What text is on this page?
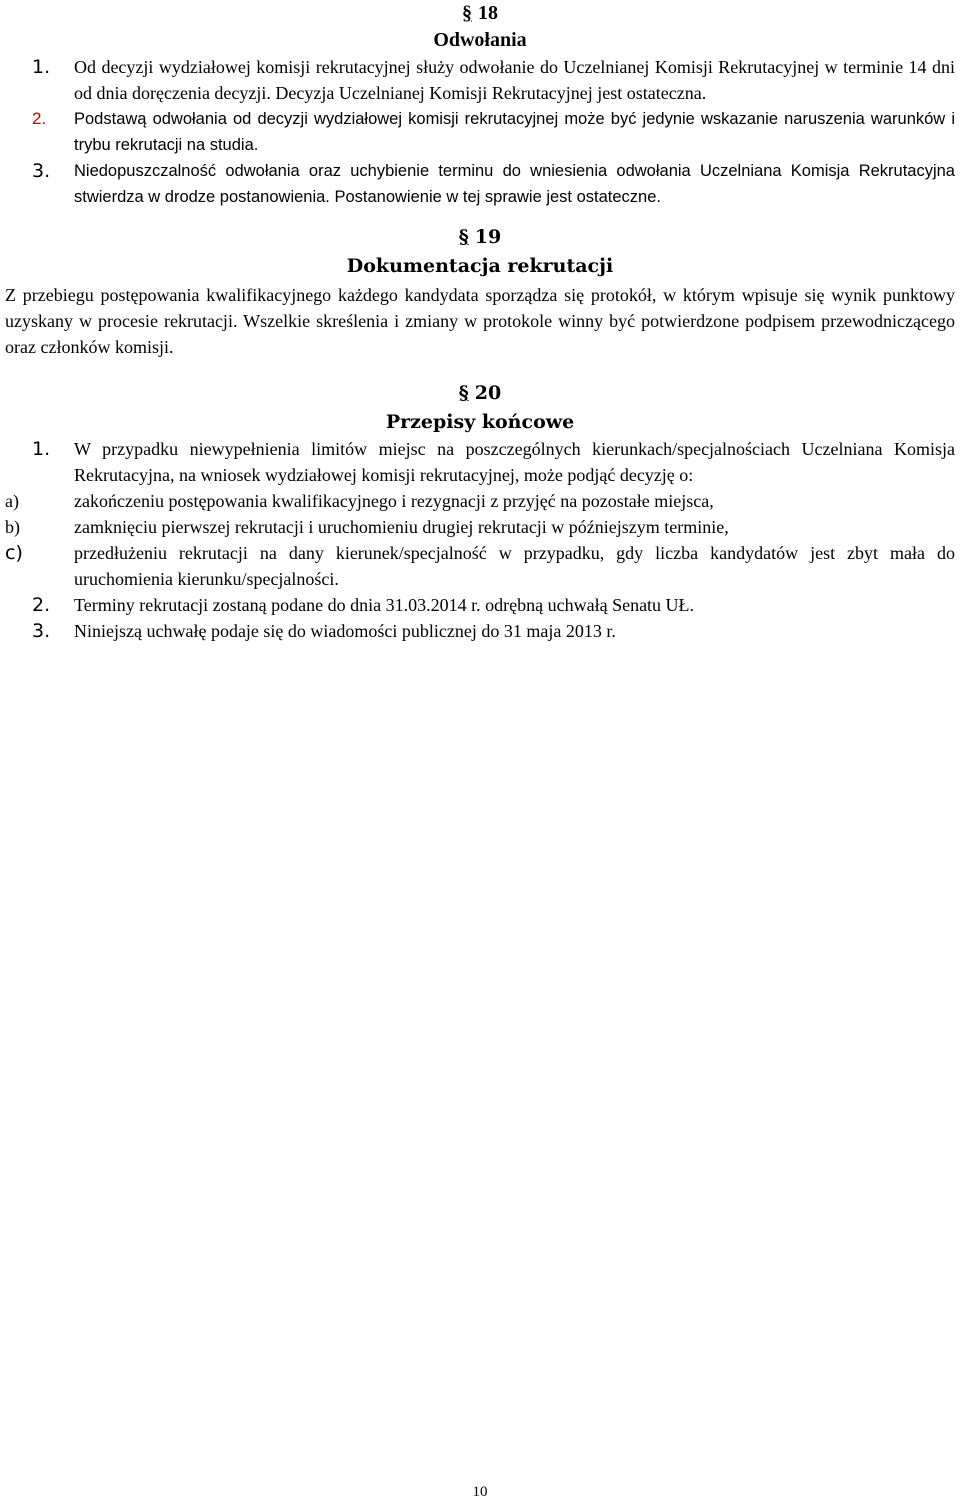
§ 18
Odwołania
1. Od decyzji wydziałowej komisji rekrutacyjnej służy odwołanie do Uczelnianej Komisji Rekrutacyjnej w terminie 14 dni od dnia doręczenia decyzji. Decyzja Uczelnianej Komisji Rekrutacyjnej jest ostateczna.
2. Podstawą odwołania od decyzji wydziałowej komisji rekrutacyjnej może być jedynie wskazanie naruszenia warunków i trybu rekrutacji na studia.
3. Niedopuszczalność odwołania oraz uchybienie terminu do wniesienia odwołania Uczelniana Komisja Rekrutacyjna stwierdza w drodze postanowienia. Postanowienie w tej sprawie jest ostateczne.
§ 19
Dokumentacja rekrutacji
Z przebiegu postępowania kwalifikacyjnego każdego kandydata sporządza się protokół, w którym wpisuje się wynik punktowy uzyskany w procesie rekrutacji. Wszelkie skreślenia i zmiany w protokole winny być potwierdzone podpisem przewodniczącego oraz członków komisji.
§ 20
Przepisy końcowe
1. W przypadku niewypełnienia limitów miejsc na poszczególnych kierunkach/specjalnościach Uczelniana Komisja Rekrutacyjna, na wniosek wydziałowej komisji rekrutacyjnej, może podjąć decyzję o:
a)	zakończeniu postępowania kwalifikacyjnego i rezygnacji z przyjęć na pozostałe miejsca,
b)	zamknięciu pierwszej rekrutacji i uruchomieniu drugiej rekrutacji w późniejszym terminie,
c)	przedłużeniu rekrutacji na dany kierunek/specjalność w przypadku, gdy liczba kandydatów jest zbyt mała do uruchomienia kierunku/specjalności.
2. Terminy rekrutacji zostaną podane do dnia 31.03.2014 r. odrębną uchwałą Senatu UŁ.
3. Niniejszą uchwałę podaje się do wiadomości publicznej do 31 maja 2013 r.
10
